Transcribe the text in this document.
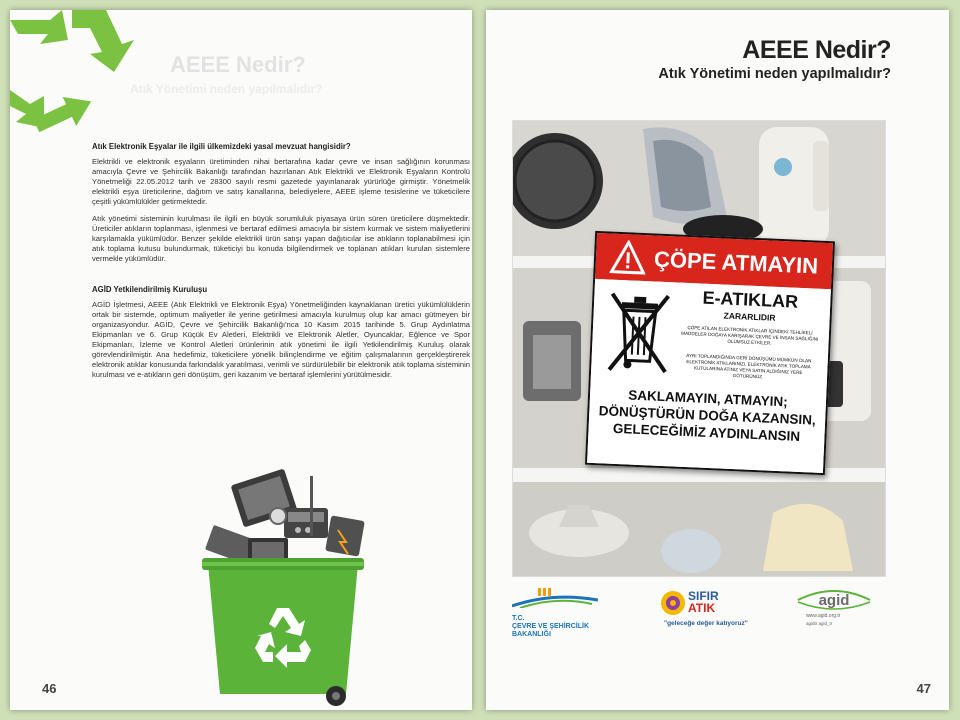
AEEE Nedir?
Atık Yönetimi neden yapılmalıdır?
Atık Elektronik Eşyalar ile ilgili ülkemizdeki yasal mevzuat hangisidir?

Elektrikli ve elektronik eşyaların üretiminden nihai bertarafına kadar çevre ve insan sağlığının korunması amacıyla Çevre ve Şehircilik Bakanlığı tarafından hazırlanan Atık Elektrikli ve Elektronik Eşyaların Kontrolü Yönetmeliği 22.05.2012 tarih ve 28300 sayılı resmi gazetede yayınlanarak yürürlüğe girmiştir. Yönetmelik elektrikli eşya üreticilerine, dağıtım ve satış kanallarına, belediyelere, AEEE işleme tesislerine ve tüketicilere çeşitli yükümlülükler getirmektedir.

Atık yönetimi sisteminin kurulması ile ilgili en büyük sorumluluk piyasaya ürün süren üreticilere düşmektedir. Üreticiler atıkların toplanması, işlenmesi ve bertaraf edilmesi amacıyla bir sistem kurmak ve sistem maliyetlerini karşılamakla yükümlüdür. Benzer şekilde elektrikli ürün satışı yapan dağıtıcılar ise atıkların toplanabilmesi için atık toplama kutusu bulundurmak, tüketiciyi bu konuda bilgilendirmek ve toplanan atıkları kurulan sistemlere vermekle yükümlüdür.

AGİD Yetkilendirilmiş Kuruluşu

AGİD İşletmesi, AEEE (Atık Elektrikli ve Elektronik Eşya) Yönetmeliğinden kaynaklanan üretici yükümlülüklerin ortak bir sistemde, optimum maliyetler ile yerine getirilmesi amacıyla kurulmuş olup kar amacı gütmeyen bir organizasyondur. AGİD, Çevre ve Şehircilik Bakanlığı'nca 10 Kasım 2015 tarihinde 5. Grup Aydınlatma Ekipmanları ve 6. Grup Küçük Ev Aletleri, Elektrikli ve Elektronik Aletler, Oyuncaklar, Eğlence ve Spor Ekipmanları, İzleme ve Kontrol Aletleri ürünlerinin atık yönetimi ile ilgili Yetkilendirilmiş Kuruluş olarak görevlendirilmiştir. Ana hedefimiz, tüketicilere yönelik bilinçlendirme ve eğitim çalışmalarının gerçekleştirerek elektronik atıklar konusunda farkındalık yaratılması, verimli ve sürdürülebilir bir elektronik atık toplama sisteminin kurulması ve e-atıkların geri dönüşüm, geri kazanım ve bertaraf işlemlerini yürütülmesidir.

46
AEEE Nedir?
Atık Yönetimi neden yapılmalıdır?
ÇÖPE ATMAYIN
E-ATIKLAR
ZARARLIDIR
ÇÖPE ATILAN ELEKTRONİK ATIKLAR İÇİNDEKİ TEHLİKELİ MADDELER DOĞAYA KARIŞARAK ÇEVRE VE İNSAN SAĞLIĞINI OLUMSUZ ETKİLER.
AYRI TOPLANDIĞINDA GERİ DÖNÜŞÜMÜ MÜMKÜN OLAN ELEKTRONİK ATIKLARINIZI, ELEKTRONİK ATIK TOPLAMA KUTULARINA ATINIZ VEYA SATIN ALDIĞINIZ YERE GÖTÜRÜNÜZ.
SAKLAMAYIN, ATMAYIN;
DÖNÜŞTÜRÜN DOĞA KAZANSIN,
GELECEĞİMİZ AYDINLANSIN
T.C.
ÇEVRE VE ŞEHİRCİLİK
BAKANLIĞI
SIFIR
ATIK
"geleceğe değer katıyoruz"
agid
www.agid.org.tr
agidtr agid_tr
47
